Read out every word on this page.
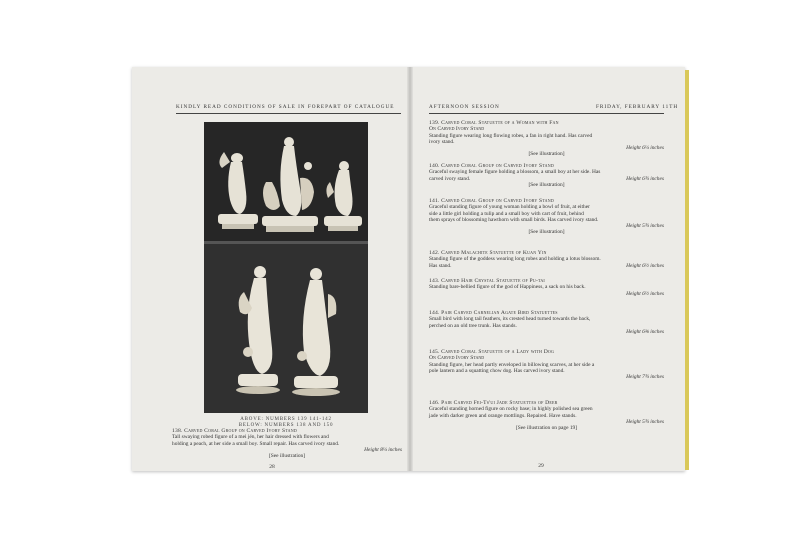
KINDLY READ CONDITIONS OF SALE IN FOREPART OF CATALOGUE
ABOVE: NUMBERS 139 141-142
BELOW: NUMBERS 138 AND 150
138. Carved Coral Group on Carved Ivory Stand
Tall swaying robed figure of a mei jén, her hair dressed with flowers and
holding a peach, at her side a small boy. Small repair. Has carved ivory stand.
Height 8¼ inches
[See illustration]
28
AFTERNOON SESSION	FRIDAY, FEBRUARY 11TH
139. Carved Coral Statuette of a Woman with Fan
On Carved Ivory Stand
Standing figure wearing long flowing robes, a fan in right hand. Has carved
ivory stand.
Height 6¼ inches
[See illustration]
140. Carved Coral Group on Carved Ivory Stand
Graceful swaying female figure holding a blossom, a small boy at her side. Has
carved ivory stand.	Height 6¾ inches
[See illustration]
141. Carved Coral Group on Carved Ivory Stand
Graceful standing figure of young woman holding a bowl of fruit, at either
side a little girl holding a tulip and a small boy with cart of fruit, behind
them sprays of blossoming hawthorn with small birds. Has carved ivory stand.
Height 5¾ inches
[See illustration]
142. Carved Malachite Statuette of Kuan Yin
Standing figure of the goddess wearing long robes and holding a lotus blossom.
Has stand.	Height 6½ inches
143. Carved Hair Crystal Statuette of Pu-tai
Standing bare-bellied figure of the god of Happiness, a sack on his back.
Height 6½ inches
144. Pair Carved Carnelian Agate Bird Statuettes
Small bird with long tail feathers, its crested head turned towards the back,
perched on an old tree trunk. Has stands.
Height 6⅜ inches
145. Carved Coral Statuette of a Lady with Dog
On Carved Ivory Stand
Standing figure, her head partly enveloped in billowing scarves, at her side a
pole lantern and a squatting chow dog. Has carved ivory stand.
Height 7¾ inches
146. Pair Carved Fei-Ts'ui Jade Statuettes of Deer
Graceful standing horned figure on rocky base; in highly polished sea green
jade with darker green and orange mottlings. Repaired. Have stands.
Height 5¾ inches
[See illustration on page 19]
29
